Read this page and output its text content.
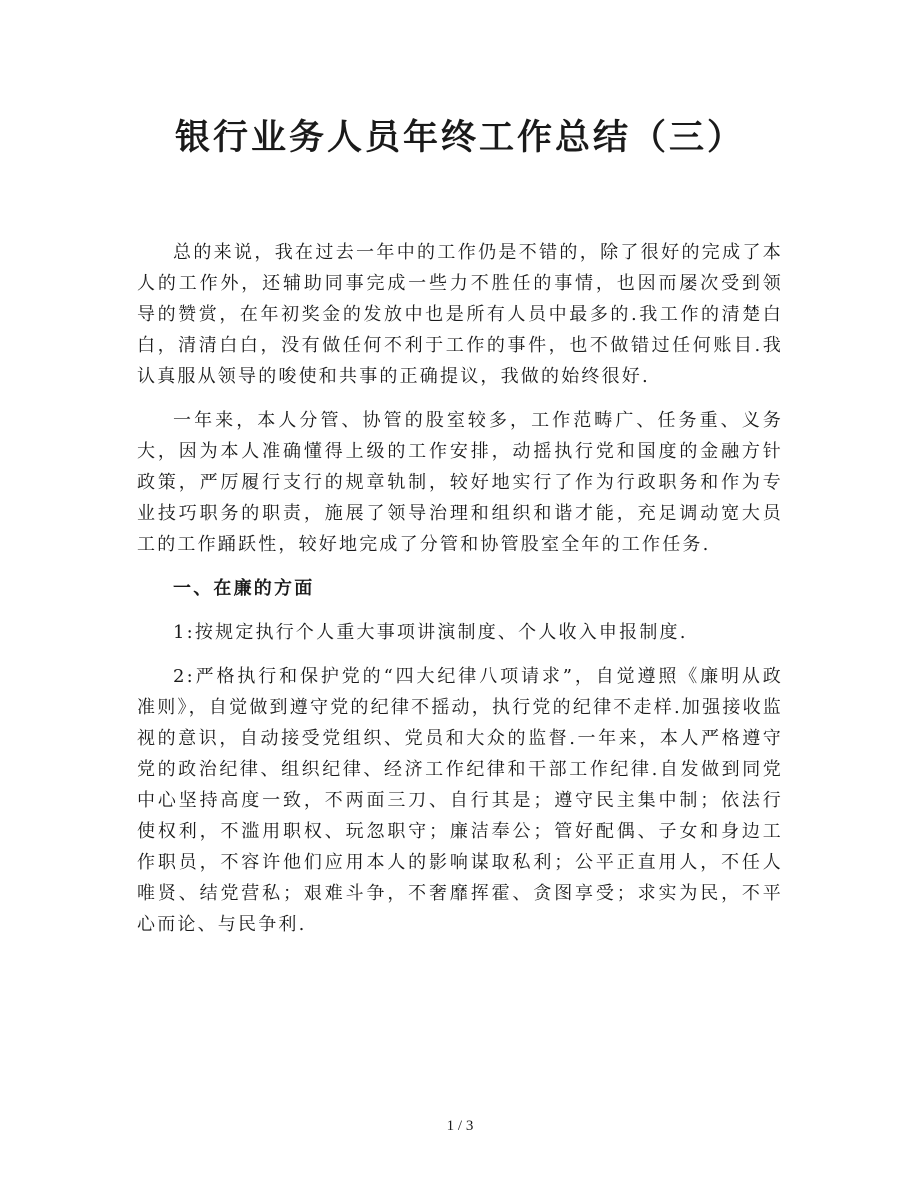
银行业务人员年终工作总结（三）

总的来说，我在过去一年中的工作仍是不错的，除了很好的完成了本人的工作外，还辅助同事完成一些力不胜任的事情，也因而屡次受到领导的赞赏，在年初奖金的发放中也是所有人员中最多的.我工作的清楚白白，清清白白，没有做任何不利于工作的事件，也不做错过任何账目.我认真服从领导的唆使和共事的正确提议，我做的始终很好.

一年来，本人分管、协管的股室较多，工作范畴广、任务重、义务大，因为本人准确懂得上级的工作安排，动摇执行党和国度的金融方针政策，严厉履行支行的规章轨制，较好地实行了作为行政职务和作为专业技巧职务的职责，施展了领导治理和组织和谐才能，充足调动宽大员工的工作踊跃性，较好地完成了分管和协管股室全年的工作任务.

一、在廉的方面

1:按规定执行个人重大事项讲演制度、个人收入申报制度.

2:严格执行和保护党的“四大纪律八项请求”，自觉遵照《廉明从政准则》，自觉做到遵守党的纪律不摇动，执行党的纪律不走样.加强接收监视的意识，自动接受党组织、党员和大众的监督.一年来，本人严格遵守党的政治纪律、组织纪律、经济工作纪律和干部工作纪律.自发做到同党中心坚持高度一致，不两面三刀、自行其是；遵守民主集中制；依法行使权利，不滥用职权、玩忽职守；廉洁奉公；管好配偶、子女和身边工作职员，不容许他们应用本人的影响谋取私利；公平正直用人，不任人唯贤、结党营私；艰难斗争，不奢靡挥霍、贪图享受；求实为民，不平心而论、与民争利.

1 / 3
